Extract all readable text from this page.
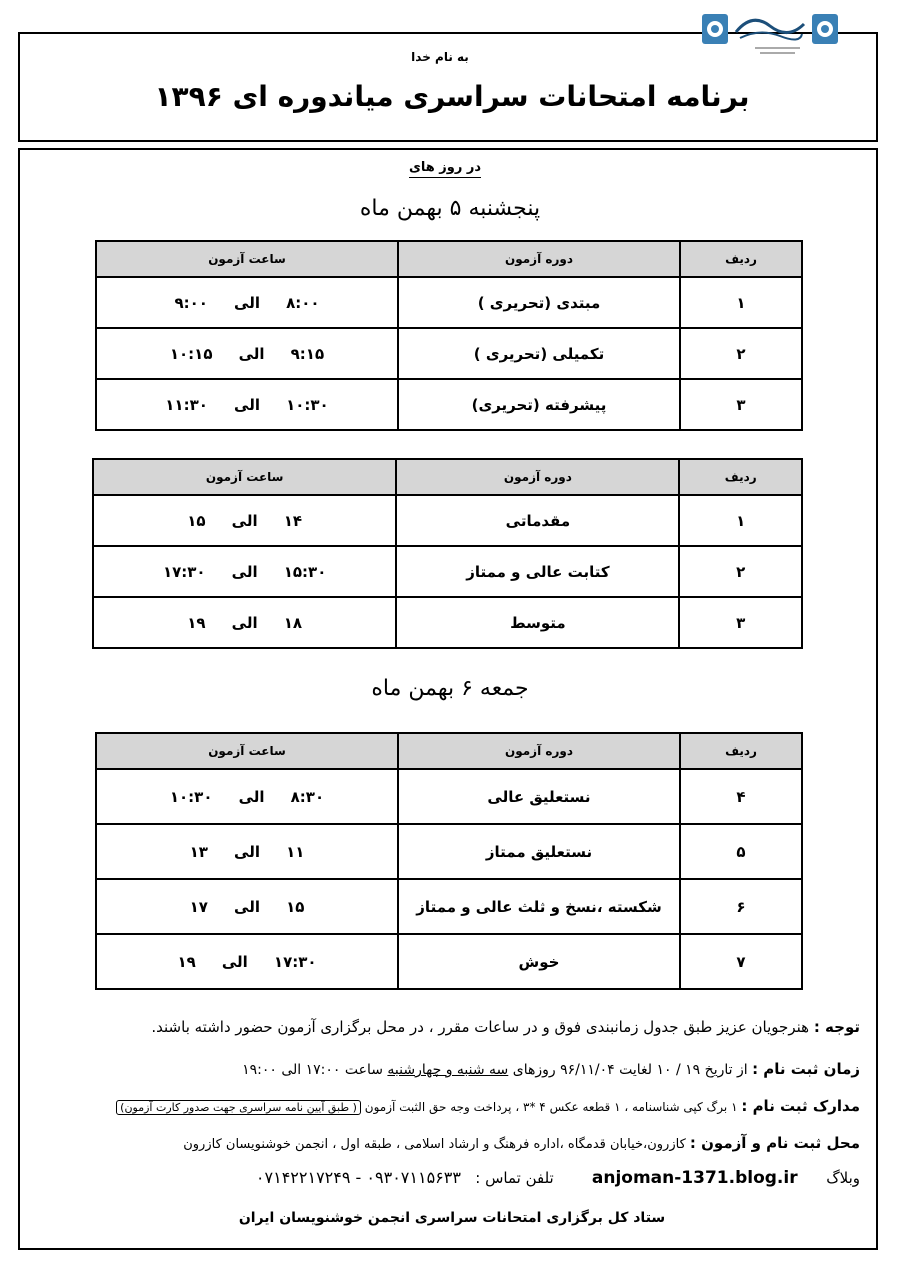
به نام خدا
برنامه امتحانات سراسری میاندوره ای ۱۳۹۶
در روز های
پنجشنبه ۵ بهمن ماه
ردیف	دوره آزمون	ساعت آزمون
۱	مبتدی (تحریری )	۸:۰۰     الی     ۹:۰۰
۲	تکمیلی (تحریری )	۹:۱۵     الی     ۱۰:۱۵
۳	پیشرفته (تحریری)	۱۰:۳۰     الی     ۱۱:۳۰
ردیف	دوره آزمون	ساعت آزمون
۱	مقدماتی	۱۴     الی     ۱۵
۲	کتابت عالی و ممتاز	۱۵:۳۰     الی     ۱۷:۳۰
۳	متوسط	۱۸     الی     ۱۹
جمعه ۶ بهمن ماه
ردیف	دوره آزمون	ساعت آزمون
۴	نستعلیق عالی	۸:۳۰     الی     ۱۰:۳۰
۵	نستعلیق ممتاز	۱۱     الی     ۱۳
۶	شکسته ،نسخ و ثلث عالی و ممتاز	۱۵     الی     ۱۷
۷	خوش	۱۷:۳۰     الی     ۱۹
توجه : هنرجویان عزیز طبق جدول زمانبندی فوق و در ساعات مقرر ، در محل برگزاری آزمون حضور داشته باشند.
زمان ثبت نام : از تاریخ ۱۹ / ۱۰ لغایت ۹۶/۱۱/۰۴ روزهای سه شنبه و چهارشنبه ساعت ۱۷:۰۰ الی ۱۹:۰۰
مدارک ثبت نام : ۱ برگ کپی شناسنامه ، ۱ قطعه عکس ۴ *۳ ، پرداخت وجه حق الثبت آزمون ( طبق آیین نامه سراسری جهت صدور کارت آزمون)
محل ثبت نام و آزمون : کازرون،خیابان قدمگاه ،اداره فرهنگ و ارشاد اسلامی ، طبقه اول ، انجمن خوشنویسان کازرون
وبلاگ      anjoman-1371.blog.ir        تلفن تماس :   ۰۹۳۰۷۱۱۵۶۳۳ - ۰۷۱۴۲۲۱۷۲۴۹
ستاد کل برگزاری امتحانات سراسری انجمن خوشنویسان ایران
